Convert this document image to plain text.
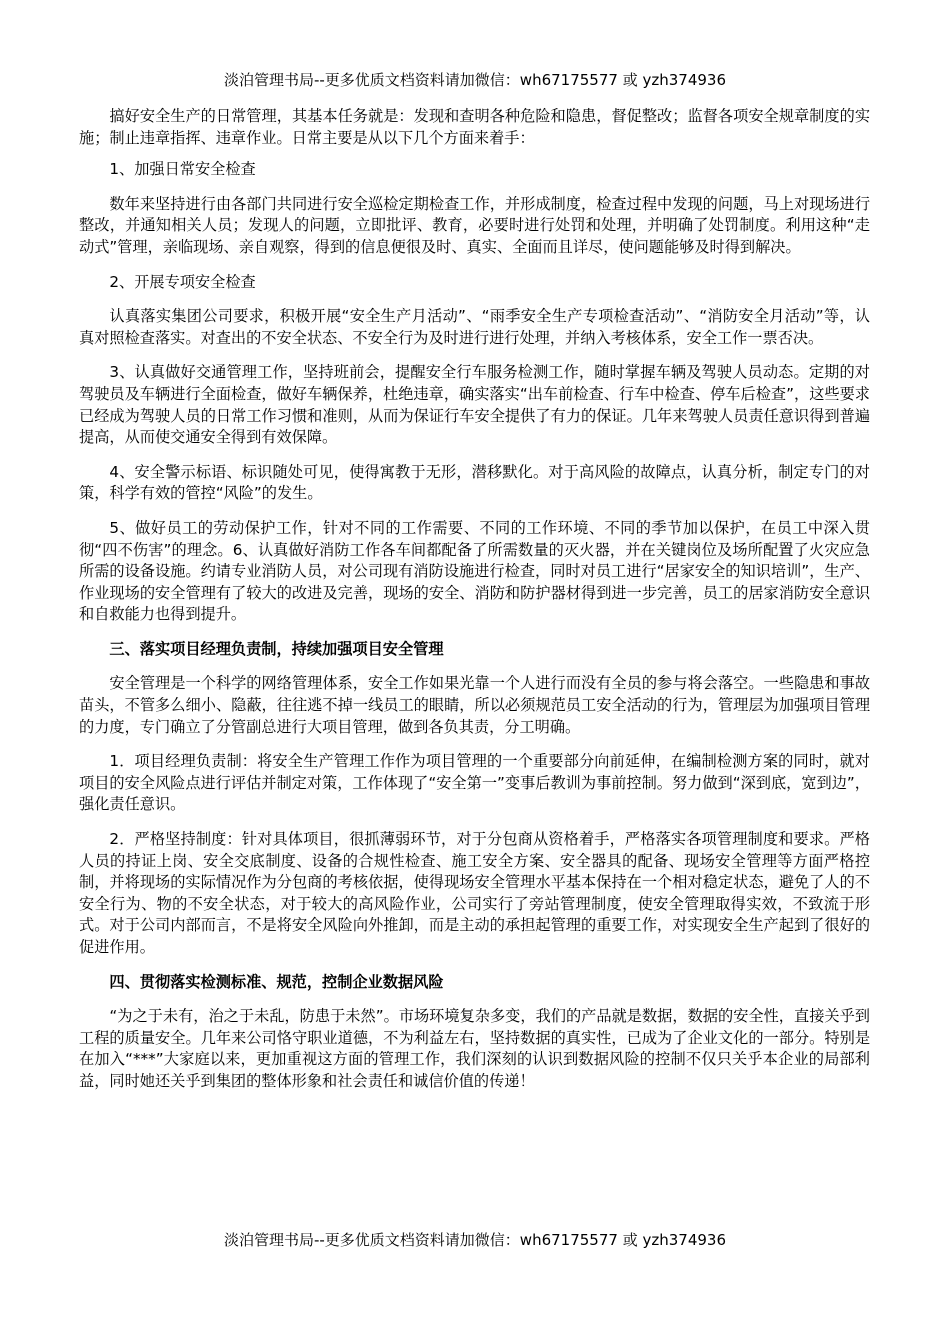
淡泊管理书局--更多优质文档资料请加微信：wh67175577 或 yzh374936

搞好安全生产的日常管理，其基本任务就是：发现和查明各种危险和隐患，督促整改；监督各项安全规章制度的实施；制止违章指挥、违章作业。日常主要是从以下几个方面来着手：

1、加强日常安全检查

数年来坚持进行由各部门共同进行安全巡检定期检查工作，并形成制度，检查过程中发现的问题，马上对现场进行整改，并通知相关人员；发现人的问题，立即批评、教育，必要时进行处罚和处理，并明确了处罚制度。利用这种“走动式”管理，亲临现场、亲自观察，得到的信息便很及时、真实、全面而且详尽，使问题能够及时得到解决。

2、开展专项安全检查

认真落实集团公司要求，积极开展“安全生产月活动”、“雨季安全生产专项检查活动”、“消防安全月活动”等，认真对照检查落实。对查出的不安全状态、不安全行为及时进行进行处理，并纳入考核体系，安全工作一票否决。

3、认真做好交通管理工作，坚持班前会，提醒安全行车服务检测工作，随时掌握车辆及驾驶人员动态。定期的对驾驶员及车辆进行全面检查，做好车辆保养，杜绝违章，确实落实“出车前检查、行车中检查、停车后检查”，这些要求已经成为驾驶人员的日常工作习惯和准则，从而为保证行车安全提供了有力的保证。几年来驾驶人员责任意识得到普遍提高，从而使交通安全得到有效保障。

4、安全警示标语、标识随处可见，使得寓教于无形，潜移默化。对于高风险的故障点，认真分析，制定专门的对策，科学有效的管控“风险”的发生。

5、做好员工的劳动保护工作，针对不同的工作需要、不同的工作环境、不同的季节加以保护，在员工中深入贯彻“四不伤害”的理念。6、认真做好消防工作各车间都配备了所需数量的灭火器，并在关键岗位及场所配置了火灾应急所需的设备设施。约请专业消防人员，对公司现有消防设施进行检查，同时对员工进行“居家安全的知识培训”，生产、作业现场的安全管理有了较大的改进及完善，现场的安全、消防和防护器材得到进一步完善，员工的居家消防安全意识和自救能力也得到提升。

三、落实项目经理负责制，持续加强项目安全管理

安全管理是一个科学的网络管理体系，安全工作如果光靠一个人进行而没有全员的参与将会落空。一些隐患和事故苗头，不管多么细小、隐蔽，往往逃不掉一线员工的眼睛，所以必须规范员工安全活动的行为，管理层为加强项目管理的力度，专门确立了分管副总进行大项目管理，做到各负其责，分工明确。

1．项目经理负责制：将安全生产管理工作作为项目管理的一个重要部分向前延伸，在编制检测方案的同时，就对项目的安全风险点进行评估并制定对策，工作体现了“安全第一”变事后教训为事前控制。努力做到“深到底，宽到边”，强化责任意识。

2．严格坚持制度：针对具体项目，很抓薄弱环节，对于分包商从资格着手，严格落实各项管理制度和要求。严格人员的持证上岗、安全交底制度、设备的合规性检查、施工安全方案、安全器具的配备、现场安全管理等方面严格控制，并将现场的实际情况作为分包商的考核依据，使得现场安全管理水平基本保持在一个相对稳定状态，避免了人的不安全行为、物的不安全状态，对于较大的高风险作业，公司实行了旁站管理制度，使安全管理取得实效，不致流于形式。对于公司内部而言，不是将安全风险向外推卸，而是主动的承担起管理的重要工作，对实现安全生产起到了很好的促进作用。

四、贯彻落实检测标准、规范，控制企业数据风险

“为之于未有，治之于未乱，防患于未然”。市场环境复杂多变，我们的产品就是数据，数据的安全性，直接关乎到工程的质量安全。几年来公司恪守职业道德，不为利益左右，坚持数据的真实性，已成为了企业文化的一部分。特别是在加入“***”大家庭以来，更加重视这方面的管理工作，我们深刻的认识到数据风险的控制不仅只关乎本企业的局部利益，同时她还关乎到集团的整体形象和社会责任和诚信价值的传递！

淡泊管理书局--更多优质文档资料请加微信：wh67175577 或 yzh374936
